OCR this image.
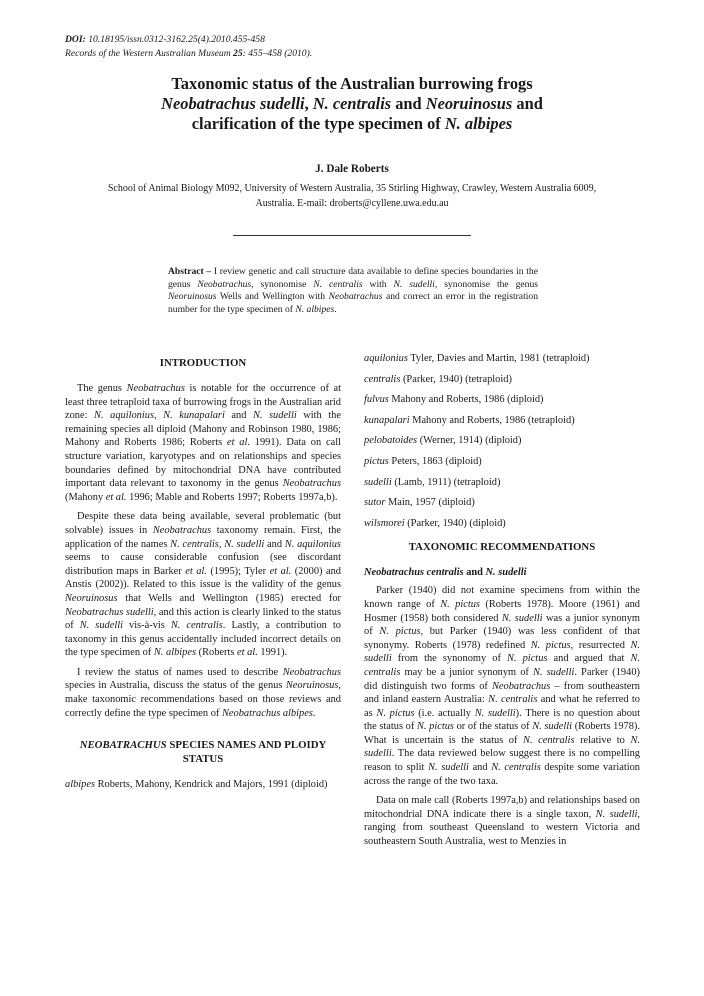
DOI: 10.18195/issn.0312-3162.25(4).2010.455-458
Records of the Western Australian Museum 25: 455–458 (2010).
Taxonomic status of the Australian burrowing frogs
Neobatrachus sudelli, N. centralis and Neoruinosus and
clarification of the type specimen of N. albipes
J. Dale Roberts
School of Animal Biology M092, University of Western Australia, 35 Stirling Highway, Crawley, Western Australia 6009,
Australia. E-mail: droberts@cyllene.uwa.edu.au
Abstract – I review genetic and call structure data available to define species boundaries in the genus Neobatrachus, synonomise N. centralis with N. sudelli, synonomise the genus Neoruinosus Wells and Wellington with Neobatrachus and correct an error in the registration number for the type specimen of N. albipes.
INTRODUCTION

The genus Neobatrachus is notable for the occurrence of at least three tetraploid taxa of burrowing frogs in the Australian arid zone: N. aquilonius, N. kunapalari and N. sudelli with the remaining species all diploid (Mahony and Robinson 1980, 1986; Mahony and Roberts 1986; Roberts et al. 1991). Data on call structure variation, karyotypes and on relationships and species boundaries defined by mitochondrial DNA have contributed important data relevant to taxonomy in the genus Neobatrachus (Mahony et al. 1996; Mable and Roberts 1997; Roberts 1997a,b).

Despite these data being available, several problematic (but solvable) issues in Neobatrachus taxonomy remain. First, the application of the names N. centralis, N. sudelli and N. aquilonius seems to cause considerable confusion (see discordant distribution maps in Barker et al. (1995); Tyler et al. (2000) and Anstis (2002)). Related to this issue is the validity of the genus Neoruinosus that Wells and Wellington (1985) erected for Neobatrachus sudelli, and this action is clearly linked to the status of N. sudelli vis-à-vis N. centralis. Lastly, a contribution to taxonomy in this genus accidentally included incorrect details on the type specimen of N. albipes (Roberts et al. 1991).

I review the status of names used to describe Neobatrachus species in Australia, discuss the status of the genus Neoruinosus, make taxonomic recommendations based on those reviews and correctly define the type specimen of Neobatrachus albipes.

NEOBATRACHUS SPECIES NAMES AND PLOIDY STATUS
albipes Roberts, Mahony, Kendrick and Majors, 1991 (diploid)
aquilonius Tyler, Davies and Martin, 1981 (tetraploid)
centralis (Parker, 1940) (tetraploid)
fulvus Mahony and Roberts, 1986 (diploid)
kunapalari Mahony and Roberts, 1986 (tetraploid)
pelobatoides (Werner, 1914) (diploid)
pictus Peters, 1863 (diploid)
sudelli (Lamb, 1911) (tetraploid)
sutor Main, 1957 (diploid)
wilsmorei (Parker, 1940) (diploid)
TAXONOMIC RECOMMENDATIONS
Neobatrachus centralis and N. sudelli

Parker (1940) did not examine specimens from within the known range of N. pictus (Roberts 1978). Moore (1961) and Hosmer (1958) both considered N. sudelli was a junior synonym of N. pictus, but Parker (1940) was less confident of that synonymy. Roberts (1978) redefined N. pictus, resurrected N. sudelli from the synonomy of N. pictus and argued that N. centralis may be a junior synonym of N. sudelli. Parker (1940) did distinguish two forms of Neobatrachus – from southeastern and inland eastern Australia: N. centralis and what he referred to as N. pictus (i.e. actually N. sudelli). There is no question about the status of N. pictus or of the status of N. sudelli (Roberts 1978). What is uncertain is the status of N. centralis relative to N. sudelli. The data reviewed below suggest there is no compelling reason to split N. sudelli and N. centralis despite some variation across the range of the two taxa.

Data on male call (Roberts 1997a,b) and relationships based on mitochondrial DNA indicate there is a single taxon, N. sudelli, ranging from southeast Queensland to western Victoria and southeastern South Australia, west to Menzies in
